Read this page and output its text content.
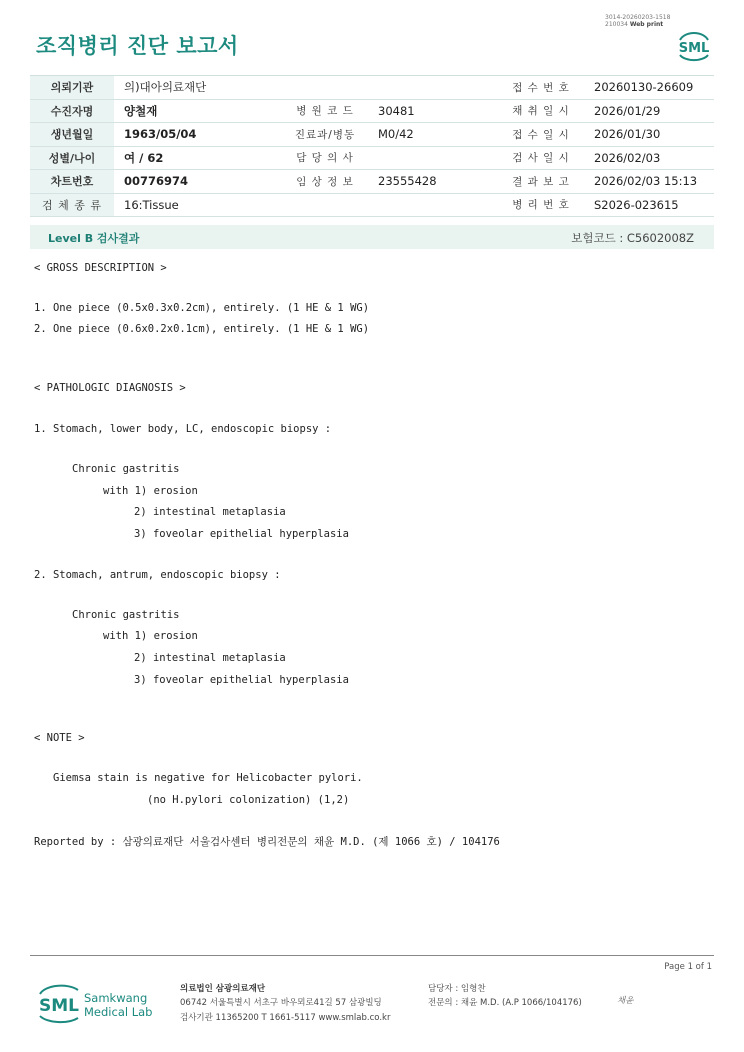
조직병리 진단 보고서
3014-20260203-1518
210034 Web print
SML
의뢰기관	의)대아의료재단			접 수 번 호	20260130-26609
수진자명	양철재	병 원 코 드	30481	채 취 일 시	2026/01/29
생년월일	1963/05/04	진료과/병동	M0/42	접 수 일 시	2026/01/30
성별/나이	여 / 62	담 당 의 사		검 사 일 시	2026/02/03
차트번호	00776974	임 상 정 보	23555428	결 과 보 고	2026/02/03 15:13
검 체 종 류	16:Tissue			병 리 번 호	S2026-023615
Level B 검사결과	보험코드 : C5602008Z
< GROSS DESCRIPTION >
1. One piece (0.5x0.3x0.2cm), entirely. (1 HE & 1 WG)
2. One piece (0.6x0.2x0.1cm), entirely. (1 HE & 1 WG)
< PATHOLOGIC DIAGNOSIS >
1. Stomach, lower body, LC, endoscopic biopsy :
Chronic gastritis
with 1) erosion
2) intestinal metaplasia
3) foveolar epithelial hyperplasia
2. Stomach, antrum, endoscopic biopsy :
Chronic gastritis
with 1) erosion
2) intestinal metaplasia
3) foveolar epithelial hyperplasia
< NOTE >
Giemsa stain is negative for Helicobacter pylori.
(no H.pylori colonization) (1,2)
Reported by : 삼광의료재단 서울검사센터 병리전문의 채윤 M.D. (제 1066 호) / 104176
Page 1 of 1
SML Samkwang
Medical Lab
의료법인 삼광의료재단
06742 서울특별시 서초구 바우뫼로41길 57 삼광빌딩
검사기관 11365200 T 1661-5117 www.smlab.co.kr
담당자 : 임형찬
전문의 : 채윤 M.D. (A.P 1066/104176)	채윤
